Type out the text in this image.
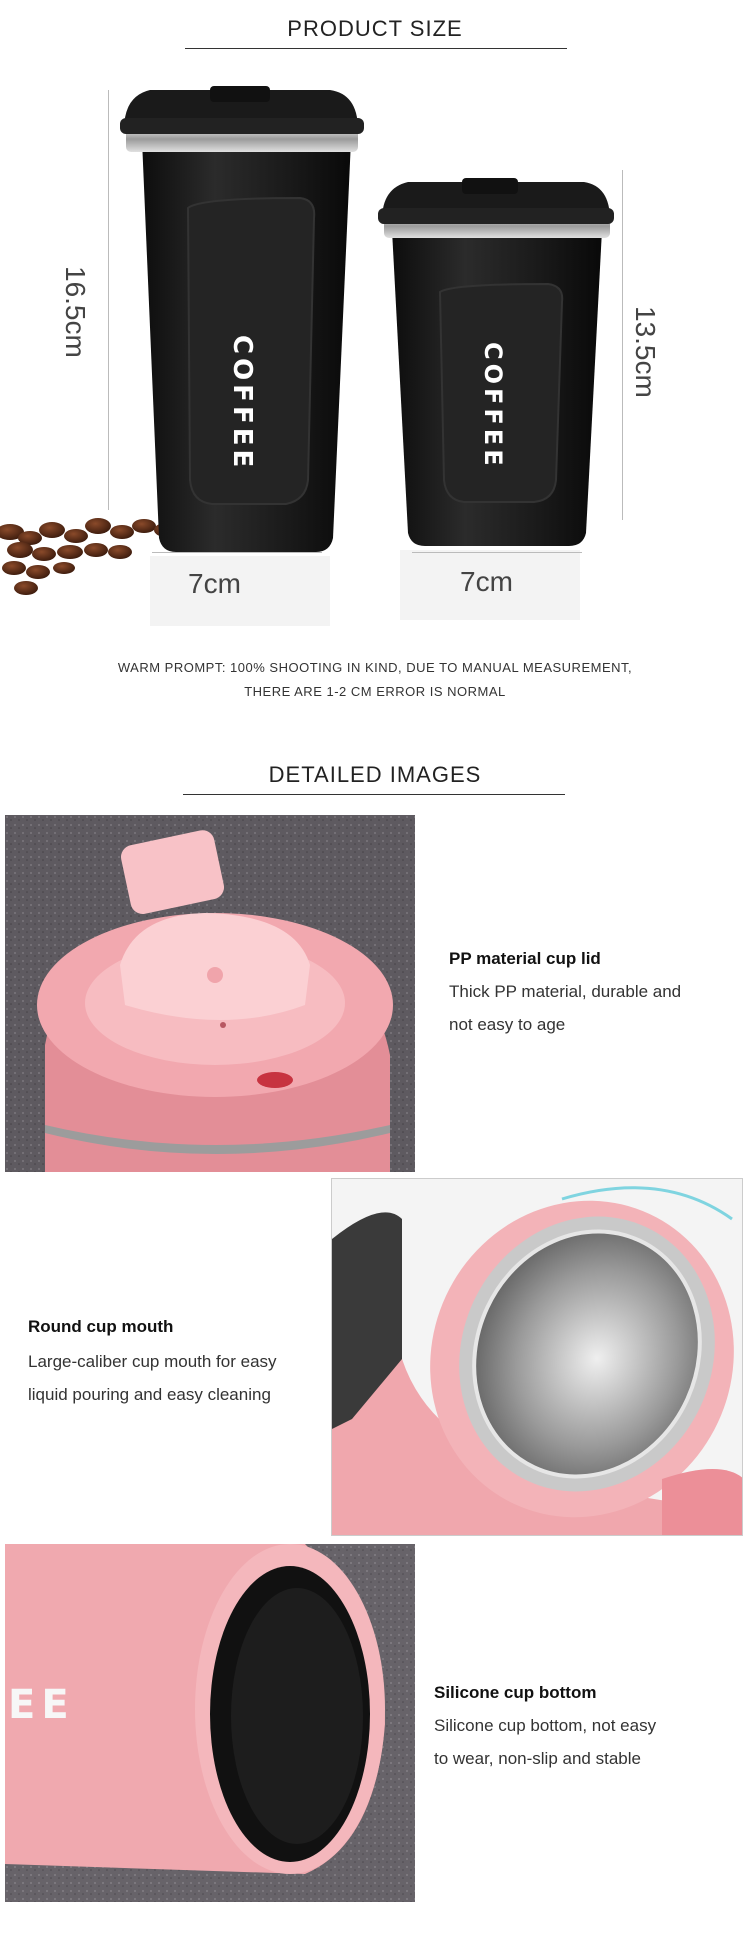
PRODUCT SIZE
COFFEE	COFFEE
16.5cm	13.5cm
7cm	7cm
WARM PROMPT: 100% SHOOTING IN KIND, DUE TO MANUAL MEASUREMENT,
THERE ARE 1-2 CM ERROR IS NORMAL
DETAILED IMAGES
PP material cup lid
Thick PP material, durable and
not easy to age
Round cup mouth
Large-caliber cup mouth for easy
liquid pouring and easy cleaning
EE	Silicone cup bottom
Silicone cup bottom, not easy
to wear, non-slip and stable
